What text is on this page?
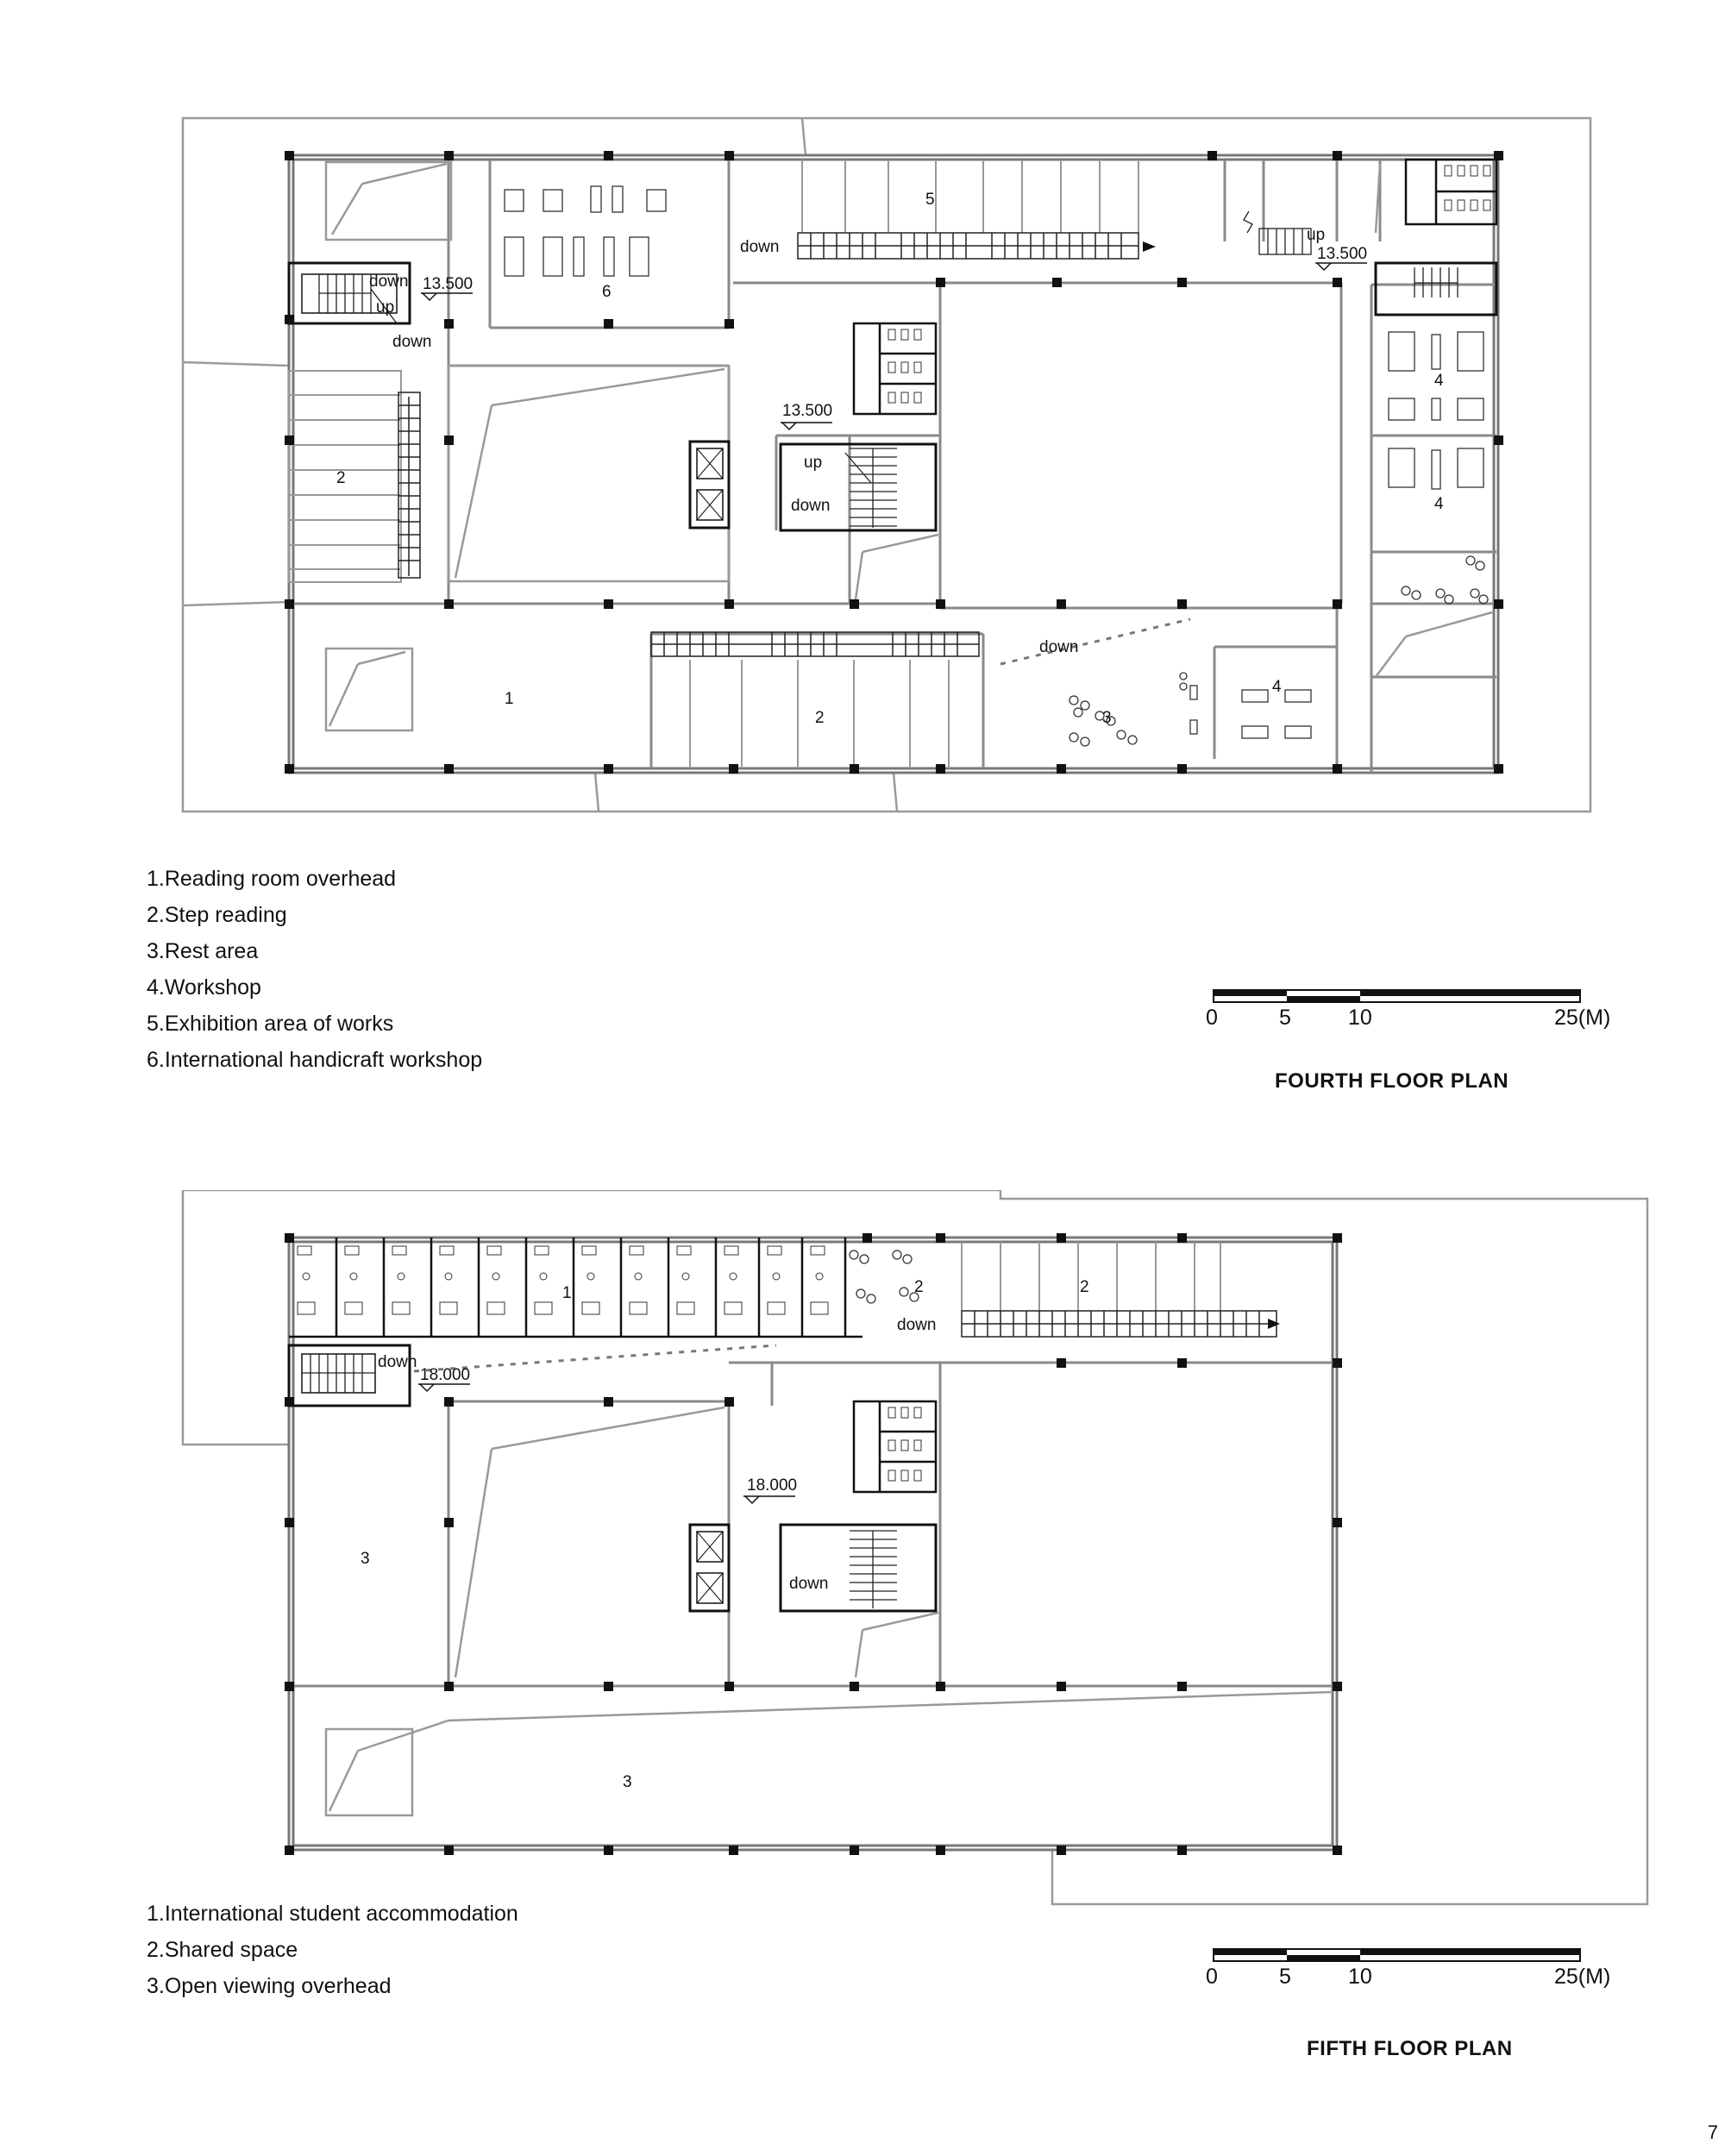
1
2
2	3
4
4
4
5
6
down
down
down
down
down
up
up
up
13.500
13.500
13.500
1	2	2
3
3
down
down
down
18.000
18.000
1.Reading room overhead
2.Step reading
3.Rest area
4.Workshop
5.Exhibition area of works
6.International handicraft workshop
1.International student accommodation
2.Shared space
3.Open viewing overhead
0	5	10	25(M)
FOURTH FLOOR PLAN
0	5	10	25(M)
FIFTH FLOOR PLAN
7
